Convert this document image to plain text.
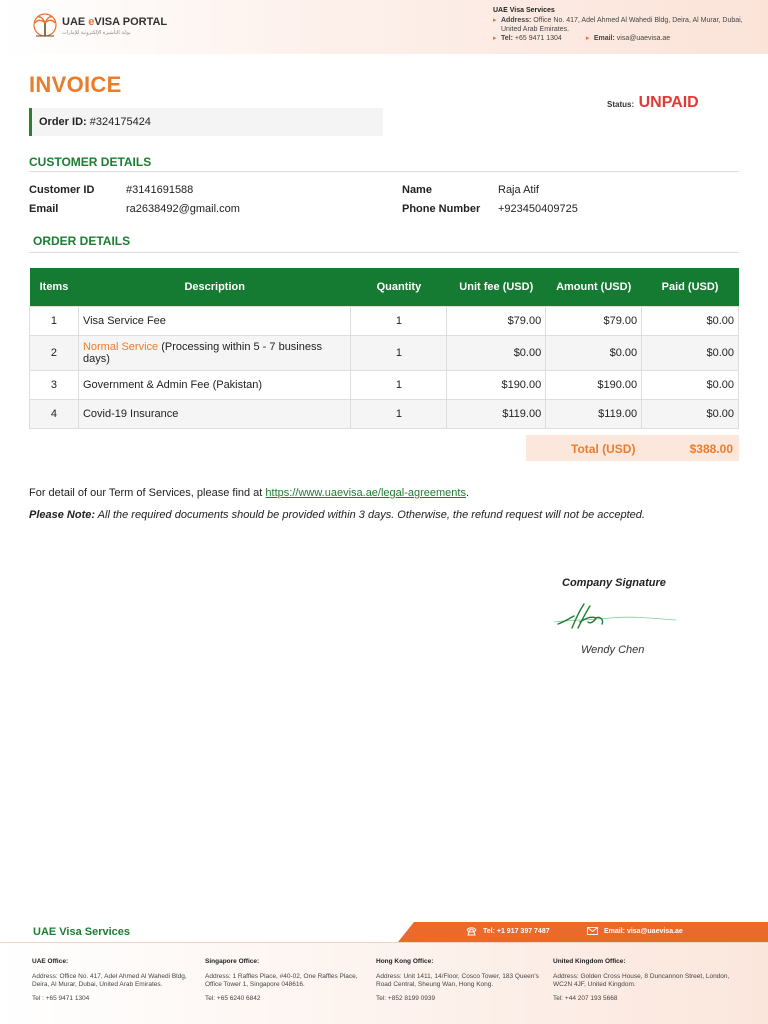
UAE eVISA PORTAL
بوابة التأشيرة الإلكترونية للإمارات
UAE Visa Services
▸ Address: Office No. 417, Adel Ahmed Al Wahedi Bldg, Deira, Al Murar, Dubai, United Arab Emirates.
▸ Tel: +65 9471 1304	▸ Email: visa@uaevisa.ae
INVOICE
Order ID: #324175424
Status: UNPAID
CUSTOMER DETAILS
Customer ID	#3141691588
Email	ra2638492@gmail.com
Name	Raja Atif
Phone Number +923450409725
ORDER DETAILS
Items	Description	Quantity	Unit fee (USD)	Amount (USD)	Paid (USD)
1	Visa Service Fee	1	$79.00	$79.00	$0.00
2	Normal Service (Processing within 5 - 7 business days)	1	$0.00	$0.00	$0.00
3	Government & Admin Fee (Pakistan)	1	$190.00	$190.00	$0.00
4	Covid-19 Insurance	1	$119.00	$119.00	$0.00
Total (USD)	$388.00
For detail of our Term of Services, please find at https://www.uaevisa.ae/legal-agreements.
Please Note: All the required documents should be provided within 3 days. Otherwise, the refund request will not be accepted.
Company Signature
Wendy Chen
UAE Visa Services	Tel: +1 917 397 7487	Email: visa@uaevisa.ae
UAE Office:
Address: Office No. 417, Adel Ahmed Al Wahedi Bldg, Deira, Al Murar, Dubai, United Arab Emirates.
Tel : +65 9471 1304
Singapore Office:
Address: 1 Raffles Place, #40-02, One Raffles Place, Office Tower 1, Singapore 048616.
Tel: +65 6240 6842
Hong Kong Office:
Address: Unit 1411, 14/Floor, Cosco Tower, 183 Queen's Road Central, Sheung Wan, Hong Kong.
Tel: +852 8199 0939
United Kingdom Office:
Address: Golden Cross House, 8 Duncannon Street, London, WC2N 4JF, United Kingdom.
Tel: +44 207 193 5668
